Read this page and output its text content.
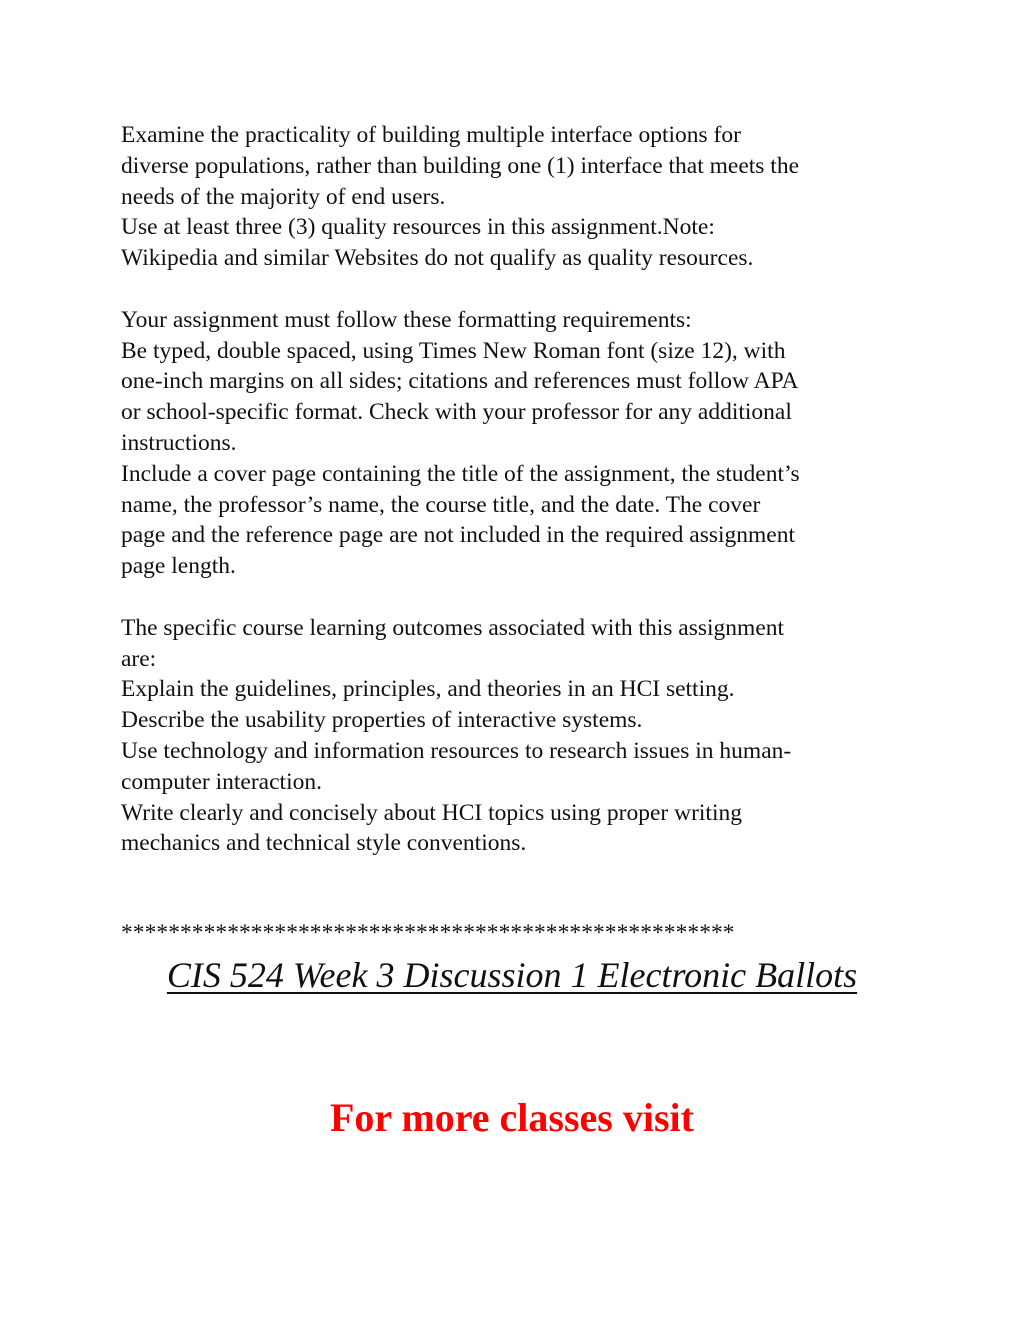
Examine the practicality of building multiple interface options for
diverse populations, rather than building one (1) interface that meets the
needs of the majority of end users.
Use at least three (3) quality resources in this assignment.Note:
Wikipedia and similar Websites do not qualify as quality resources.
Your assignment must follow these formatting requirements:
Be typed, double spaced, using Times New Roman font (size 12), with
one-inch margins on all sides; citations and references must follow APA
or school-specific format. Check with your professor for any additional
instructions.
Include a cover page containing the title of the assignment, the student’s
name, the professor’s name, the course title, and the date. The cover
page and the reference page are not included in the required assignment
page length.
The specific course learning outcomes associated with this assignment
are:
Explain the guidelines, principles, and theories in an HCI setting.
Describe the usability properties of interactive systems.
Use technology and information resources to research issues in human-
computer interaction.
Write clearly and concisely about HCI topics using proper writing
mechanics and technical style conventions.
****************************************************
CIS 524 Week 3 Discussion 1 Electronic Ballots
For more classes visit
